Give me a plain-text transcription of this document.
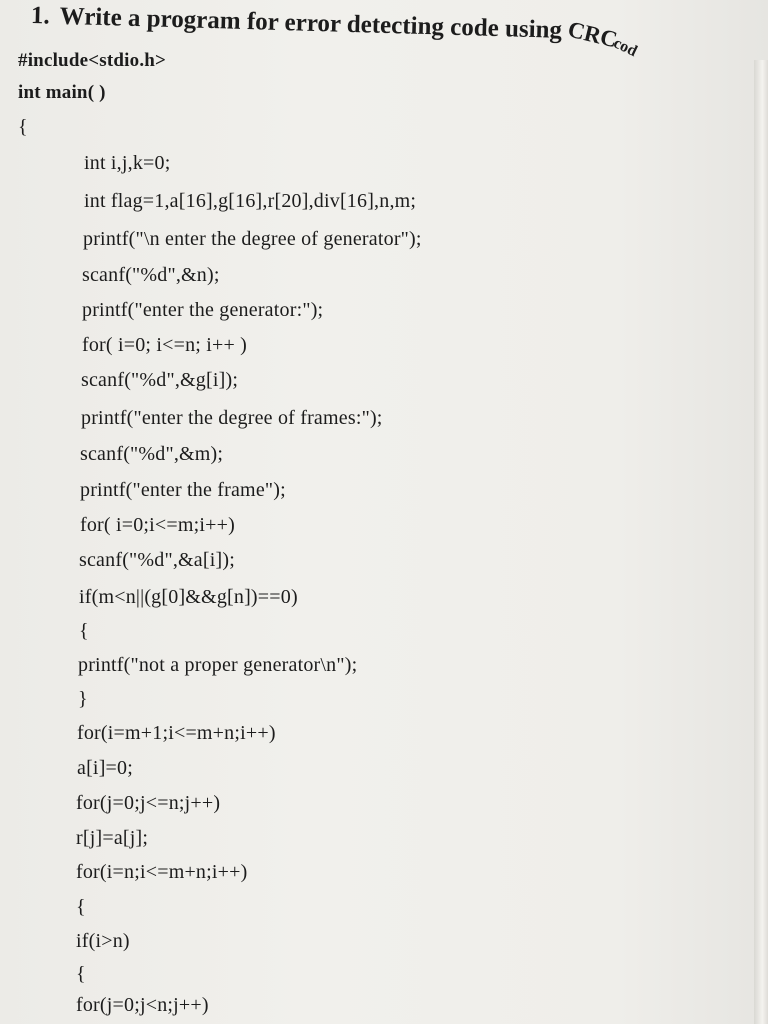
1. Write a program for error detecting code using CRCcod
#include<stdio.h>
int main( )
{
int i,j,k=0;
int flag=1,a[16],g[16],r[20],div[16],n,m;
printf("\n enter the degree of generator");
scanf("%d",&n);
printf("enter the generator:");
for( i=0; i<=n; i++ )
scanf("%d",&g[i]);
printf("enter the degree of frames:");
scanf("%d",&m);
printf("enter the frame");
for( i=0;i<=m;i++)
scanf("%d",&a[i]);
if(m<n||(g[0]&&g[n])==0)
{
printf("not a proper generator\n");
}
for(i=m+1;i<=m+n;i++)
a[i]=0;
for(j=0;j<=n;j++)
r[j]=a[j];
for(i=n;i<=m+n;i++)
{
if(i>n)
{
for(j=0;j<n;j++)
